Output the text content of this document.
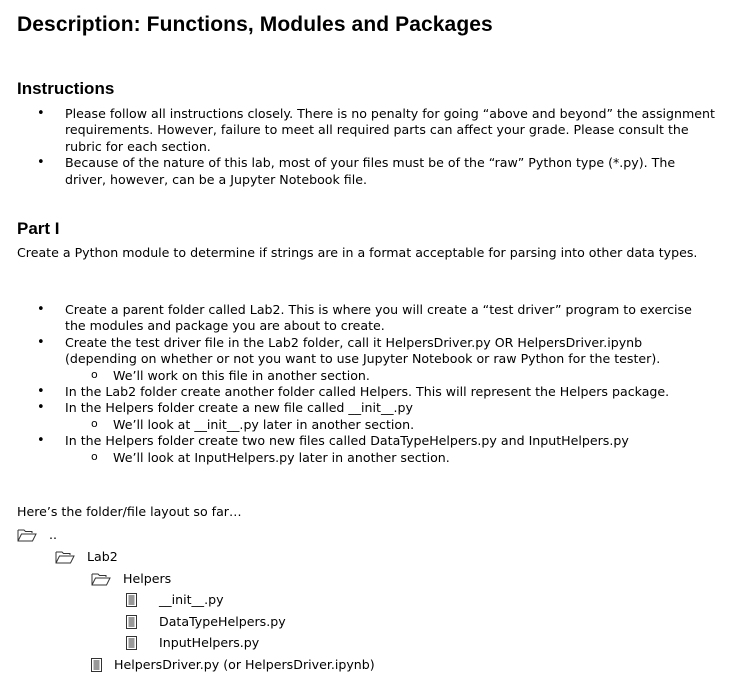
Description: Functions, Modules and Packages
Instructions
• Please follow all instructions closely. There is no penalty for going “above and beyond” the assignment requirements. However, failure to meet all required parts can affect your grade. Please consult the rubric for each section.
• Because of the nature of this lab, most of your files must be of the “raw” Python type (*.py). The driver, however, can be a Jupyter Notebook file.
Part I

Create a Python module to determine if strings are in a format acceptable for parsing into other data types.

• Create a parent folder called Lab2. This is where you will create a “test driver” program to exercise the modules and package you are about to create.
• Create the test driver file in the Lab2 folder, call it HelpersDriver.py OR HelpersDriver.ipynb (depending on whether or not you want to use Jupyter Notebook or raw Python for the tester).
o We’ll work on this file in another section.
• In the Lab2 folder create another folder called Helpers. This will represent the Helpers package.
• In the Helpers folder create a new file called __init__.py
o We’ll look at __init__.py later in another section.
• In the Helpers folder create two new files called DataTypeHelpers.py and InputHelpers.py
o We’ll look at InputHelpers.py later in another section.

Here’s the folder/file layout so far…

..
Lab2
Helpers
__init__.py
DataTypeHelpers.py
InputHelpers.py
HelpersDriver.py (or HelpersDriver.ipynb)
